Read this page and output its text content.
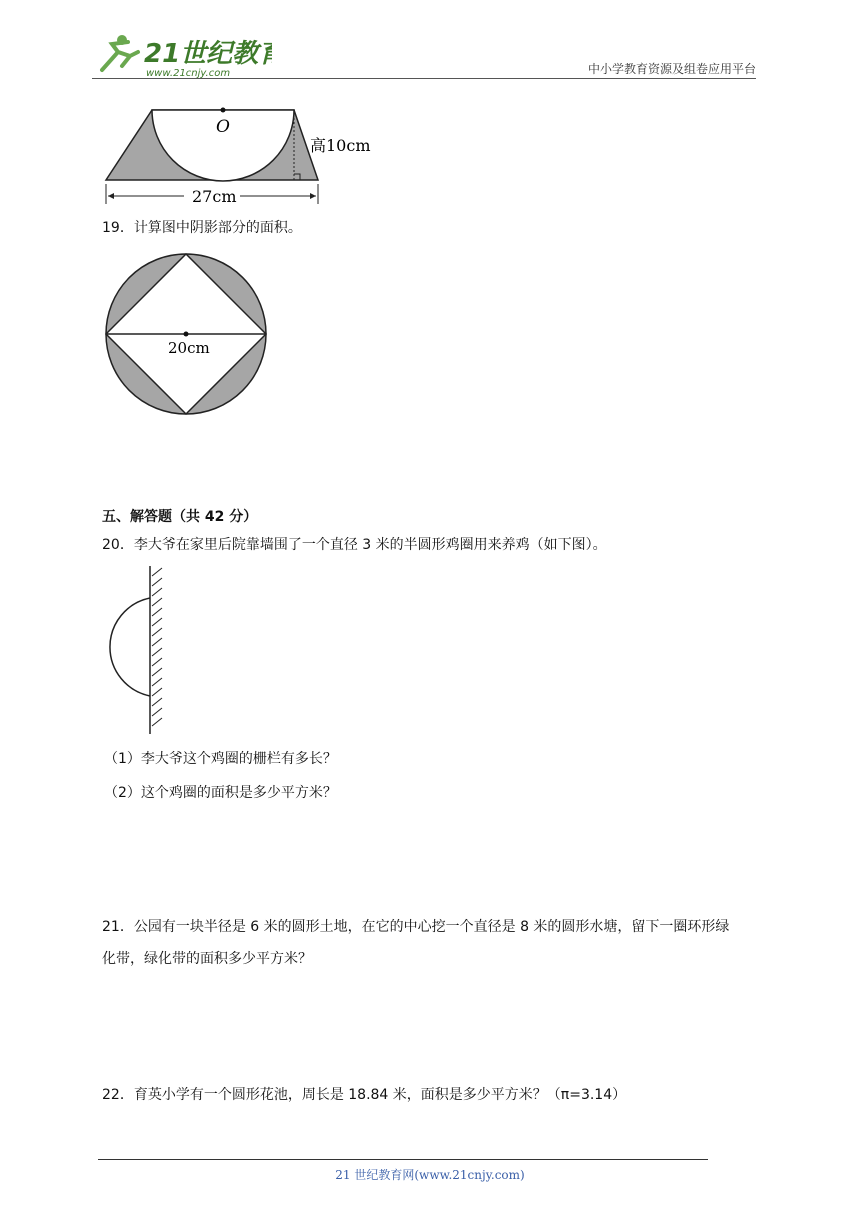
21世纪教育
www.21cnjy.com	中小学教育资源及组卷应用平台
O
高10cm
27cm
19．计算图中阴影部分的面积。
20cm
五、解答题（共 42 分）
20．李大爷在家里后院靠墙围了一个直径 3 米的半圆形鸡圈用来养鸡（如下图）。
（1）李大爷这个鸡圈的栅栏有多长？
（2）这个鸡圈的面积是多少平方米？
21．公园有一块半径是 6 米的圆形土地，在它的中心挖一个直径是 8 米的圆形水塘，留下一圈环形绿
化带，绿化带的面积多少平方米？
22．育英小学有一个圆形花池，周长是 18.84 米，面积是多少平方米？（π=3.14）
21 世纪教育网(www.21cnjy.com)
